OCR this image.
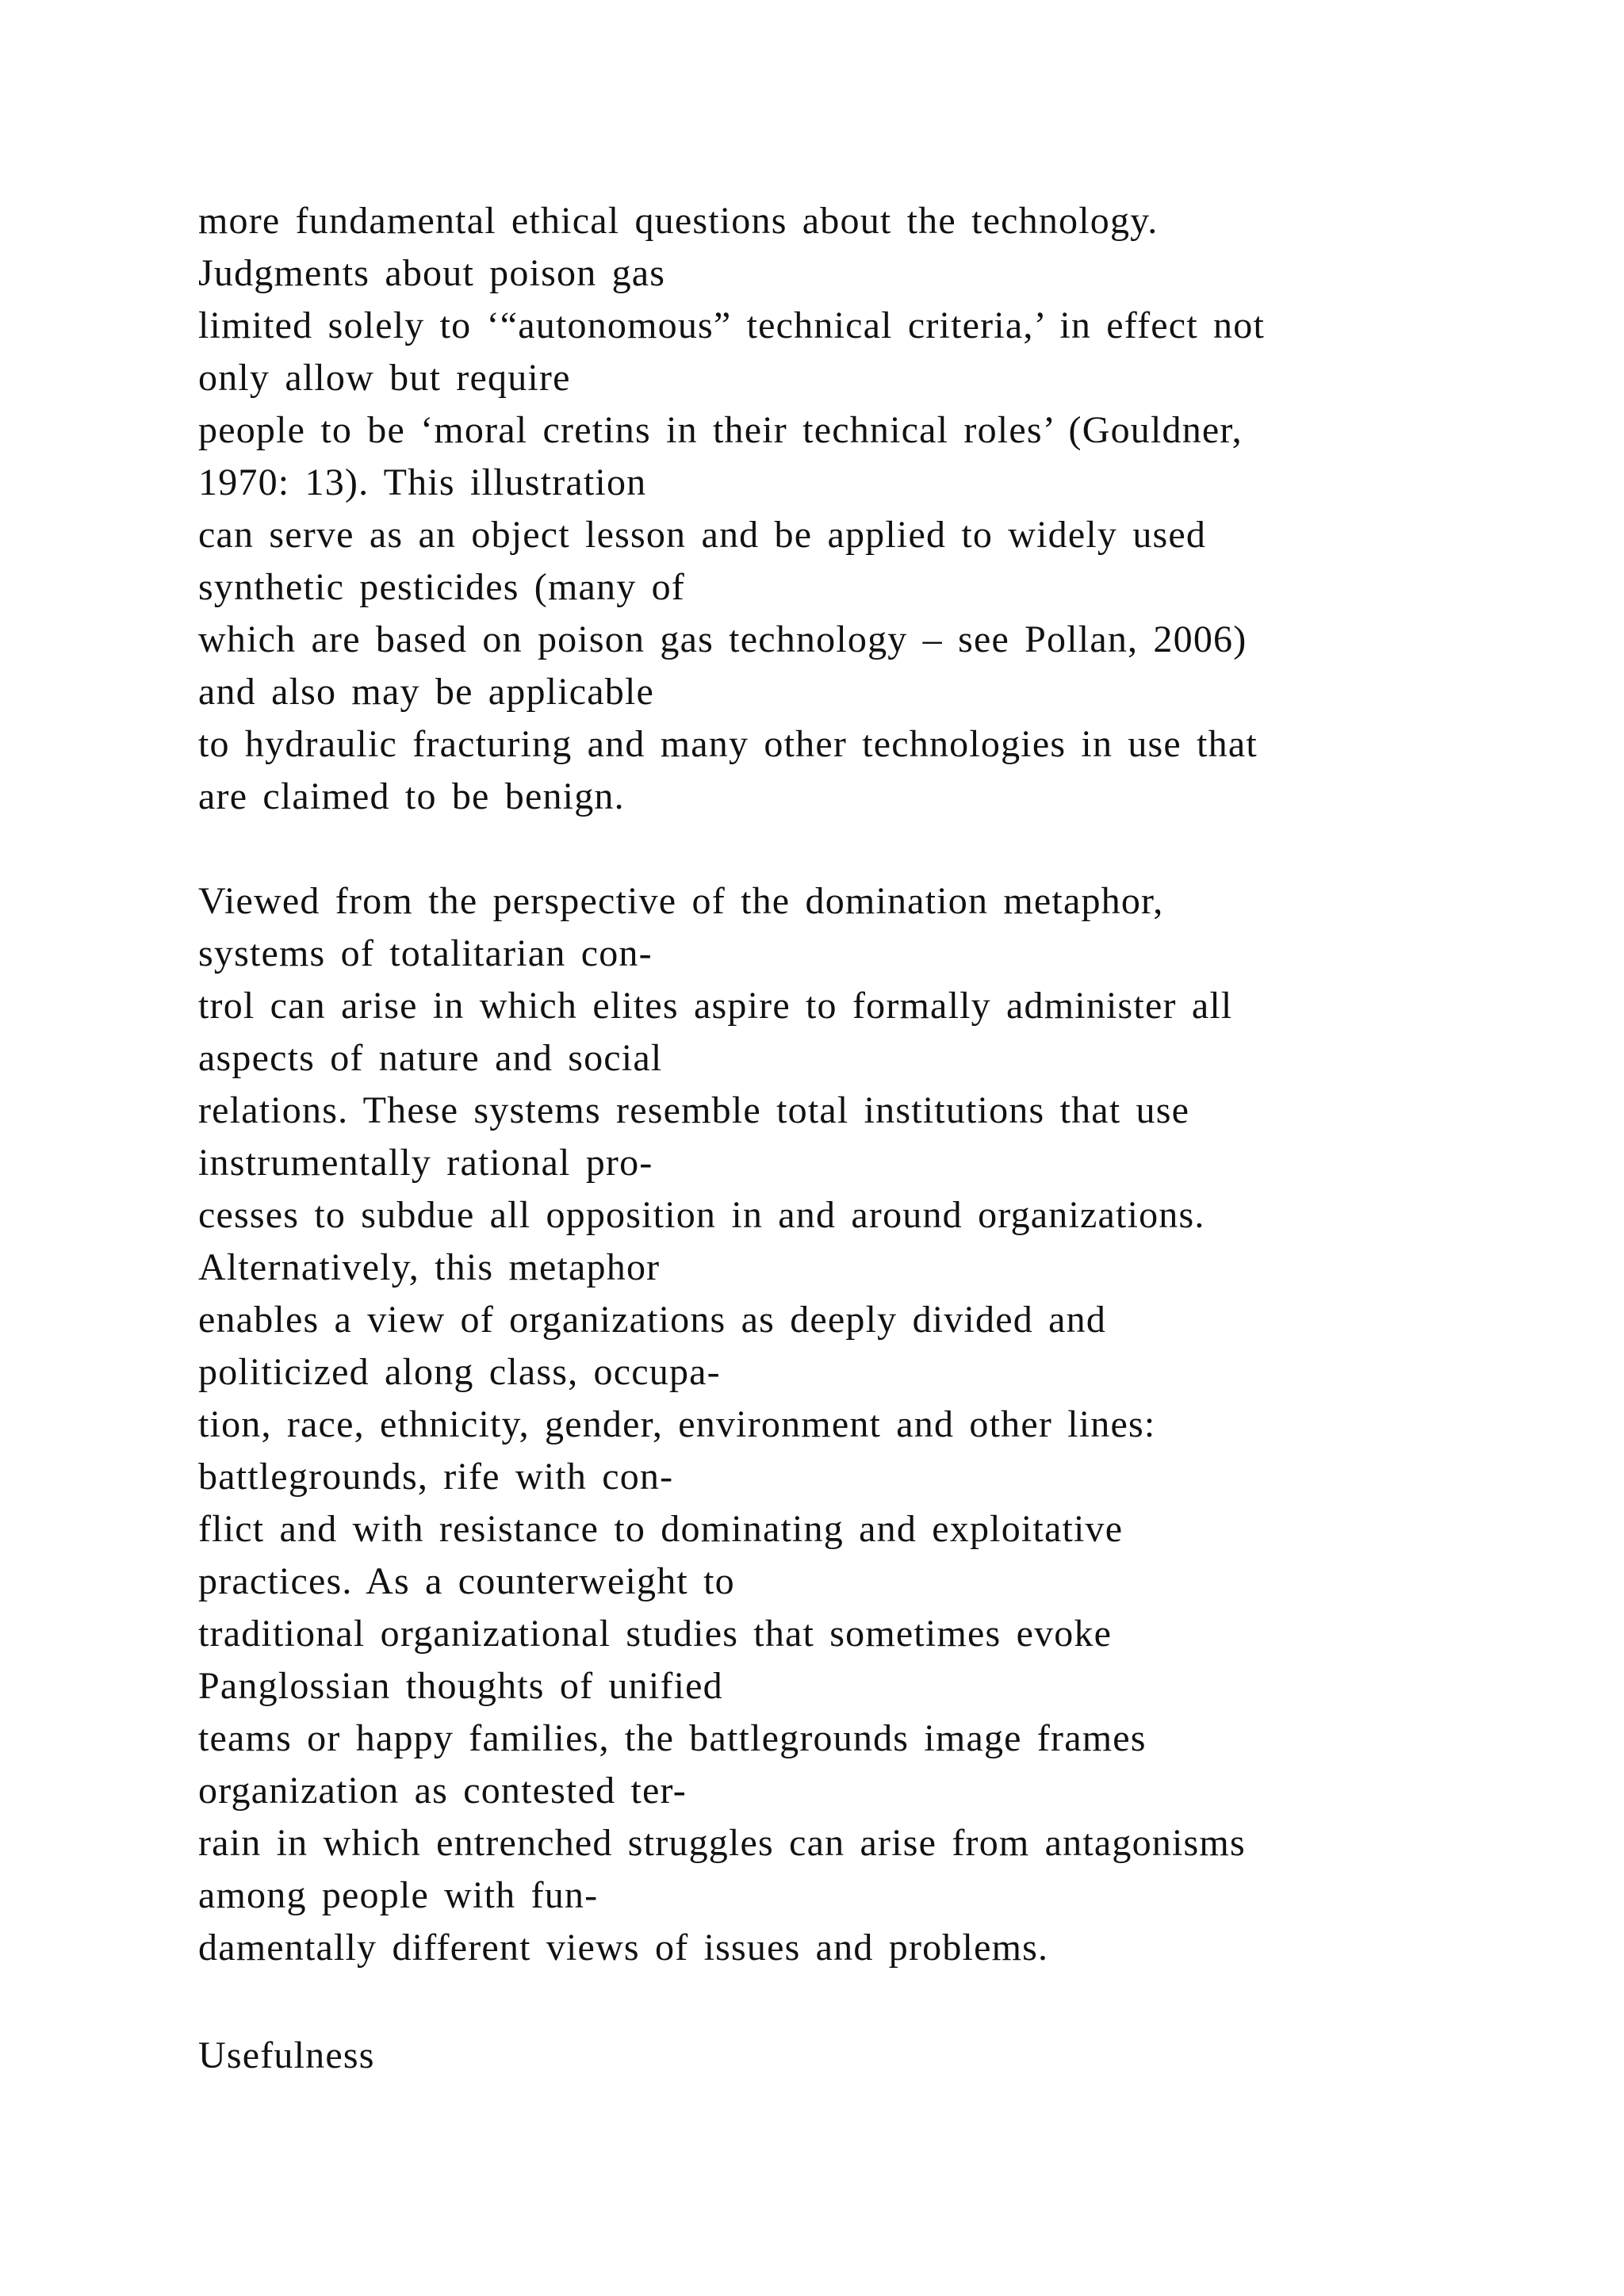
more fundamental ethical questions about the technology.
Judgments about poison gas
limited solely to ‘“autonomous” technical criteria,’ in effect not
only allow but require
people to be ‘moral cretins in their technical roles’ (Gouldner,
1970: 13). This illustration
can serve as an object lesson and be applied to widely used
synthetic pesticides (many of
which are based on poison gas technology – see Pollan, 2006)
and also may be applicable
to hydraulic fracturing and many other technologies in use that
are claimed to be benign.
Viewed from the perspective of the domination metaphor,
systems of totalitarian con-
trol can arise in which elites aspire to formally administer all
aspects of nature and social
relations. These systems resemble total institutions that use
instrumentally rational pro-
cesses to subdue all opposition in and around organizations.
Alternatively, this metaphor
enables a view of organizations as deeply divided and
politicized along class, occupa-
tion, race, ethnicity, gender, environment and other lines:
battlegrounds, rife with con-
flict and with resistance to dominating and exploitative
practices. As a counterweight to
traditional organizational studies that sometimes evoke
Panglossian thoughts of unified
teams or happy families, the battlegrounds image frames
organization as contested ter-
rain in which entrenched struggles can arise from antagonisms
among people with fun-
damentally different views of issues and problems.
Usefulness
